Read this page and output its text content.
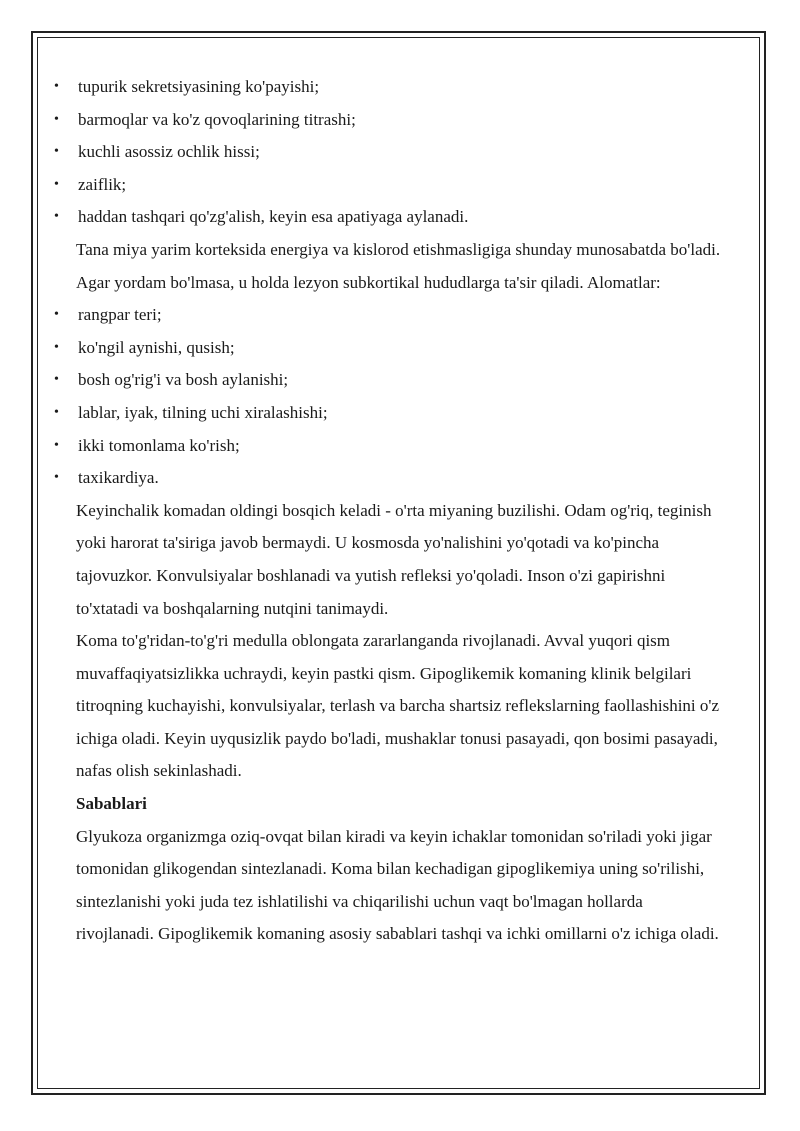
• tupurik sekretsiyasining ko'payishi;
• barmoqlar va ko'z qovoqlarining titrashi;
• kuchli asossiz ochlik hissi;
• zaiflik;
• haddan tashqari qo'zg'alish, keyin esa apatiyaga aylanadi.

Tana miya yarim korteksida energiya va kislorod etishmasligiga shunday munosabatda bo'ladi. Agar yordam bo'lmasa, u holda lezyon subkortikal hududlarga ta'sir qiladi. Alomatlar:

• rangpar teri;
• ko'ngil aynishi, qusish;
• bosh og'rig'i va bosh aylanishi;
• lablar, iyak, tilning uchi xiralashishi;
• ikki tomonlama ko'rish;
• taxikardiya.

Keyinchalik komadan oldingi bosqich keladi - o'rta miyaning buzilishi. Odam og'riq, teginish yoki harorat ta'siriga javob bermaydi. U kosmosda yo'nalishini yo'qotadi va ko'pincha tajovuzkor. Konvulsiyalar boshlanadi va yutish refleksi yo'qoladi. Inson o'zi gapirishni to'xtatadi va boshqalarning nutqini tanimaydi.

Koma to'g'ridan-to'g'ri medulla oblongata zararlanganda rivojlanadi. Avval yuqori qism muvaffaqiyatsizlikka uchraydi, keyin pastki qism. Gipoglikemik komaning klinik belgilari titroqning kuchayishi, konvulsiyalar, terlash va barcha shartsiz reflekslarning faollashishini o'z ichiga oladi. Keyin uyqusizlik paydo bo'ladi, mushaklar tonusi pasayadi, qon bosimi pasayadi, nafas olish sekinlashadi.

Sabablari

Glyukoza organizmga oziq-ovqat bilan kiradi va keyin ichaklar tomonidan so'riladi yoki jigar tomonidan glikogendan sintezlanadi. Koma bilan kechadigan gipoglikemiya uning so'rilishi, sintezlanishi yoki juda tez ishlatilishi va chiqarilishi uchun vaqt bo'lmagan hollarda rivojlanadi. Gipoglikemik komaning asosiy sabablari tashqi va ichki omillarni o'z ichiga oladi.
